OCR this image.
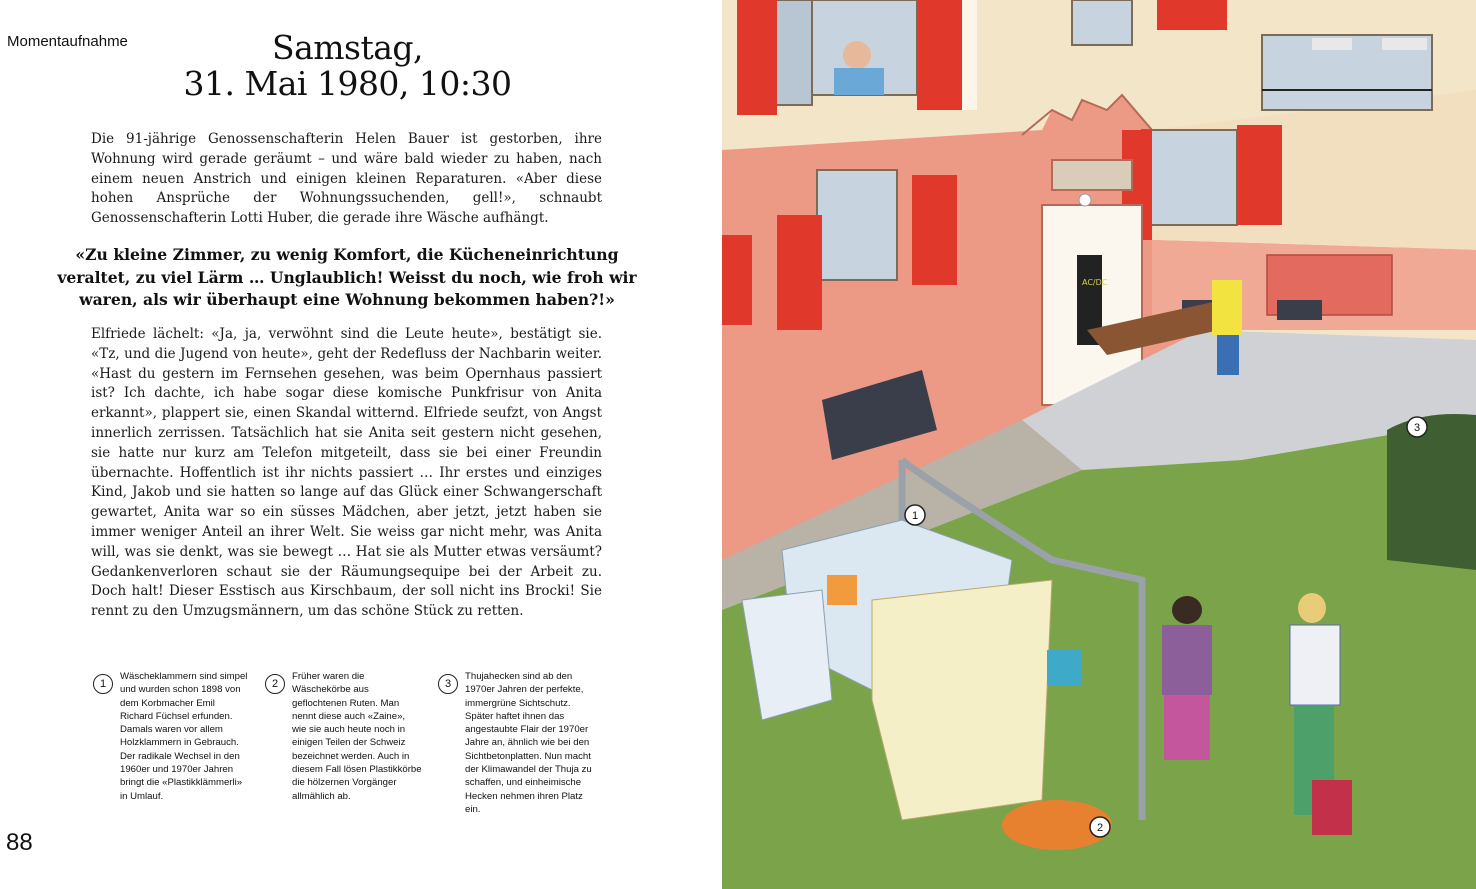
Momentaufnahme	Samstag,
31. Mai 1980, 10:30

Die 91-jährige Genossenschafterin Helen Bauer ist gestorben, ihre Wohnung wird gerade geräumt – und wäre bald wieder zu haben, nach einem neuen Anstrich und einigen kleinen Reparaturen. «Aber diese hohen Ansprüche der Wohnungssuchenden, gell!», schnaubt Genossenschafterin Lotti Huber, die gerade ihre Wäsche aufhängt.

«Zu kleine Zimmer, zu wenig Komfort, die Kücheneinrichtung veraltet, zu viel Lärm … Unglaublich! Weisst du noch, wie froh wir waren, als wir überhaupt eine Wohnung bekommen haben?!»

Elfriede lächelt: «Ja, ja, verwöhnt sind die Leute heute», bestätigt sie. «Tz, und die Jugend von heute», geht der Redefluss der Nachbarin weiter. «Hast du gestern im Fernsehen gesehen, was beim Opernhaus passiert ist? Ich dachte, ich habe sogar diese komische Punkfrisur von Anita erkannt», plappert sie, einen Skandal witternd. Elfriede seufzt, von Angst innerlich zerrissen. Tatsächlich hat sie Anita seit gestern nicht gesehen, sie hatte nur kurz am Telefon mitgeteilt, dass sie bei einer Freundin übernachte. Hoffentlich ist ihr nichts passiert … Ihr erstes und einziges Kind, Jakob und sie hatten so lange auf das Glück einer Schwangerschaft gewartet, Anita war so ein süsses Mädchen, aber jetzt, jetzt haben sie immer weniger Anteil an ihrer Welt. Sie weiss gar nicht mehr, was Anita will, was sie denkt, was sie bewegt … Hat sie als Mutter etwas versäumt? Gedankenverloren schaut sie der Räumungsequipe bei der Arbeit zu. Doch halt! Dieser Esstisch aus Kirschbaum, der soll nicht ins Brocki! Sie rennt zu den Umzugsmännern, um das schöne Stück zu retten.

1

Wäscheklammern sind simpel und wurden schon 1898 von dem Korbmacher Emil Richard Füchsel erfunden. Damals waren vor allem Holzklammern in Gebrauch. Der radikale Wechsel in den 1960er und 1970er Jahren bringt die «Plastikklämmerli» in Umlauf.

2

Früher waren die Wäschekörbe aus geflochtenen Ruten. Man nennt diese auch «Zaine», wie sie auch heute noch in einigen Teilen der Schweiz bezeichnet werden. Auch in diesem Fall lösen Plastikkörbe die hölzernen Vorgänger allmählich ab.

3

Thujahecken sind ab den 1970er Jahren der perfekte, immergrüne Sichtschutz. Später haftet ihnen das angestaubte Flair der 1970er Jahre an, ähnlich wie bei den Sichtbetonplatten. Nun macht der Klimawandel der Thuja zu schaffen, und einheimische Hecken nehmen ihren Platz ein.

88
AC/DC
1
2
3
